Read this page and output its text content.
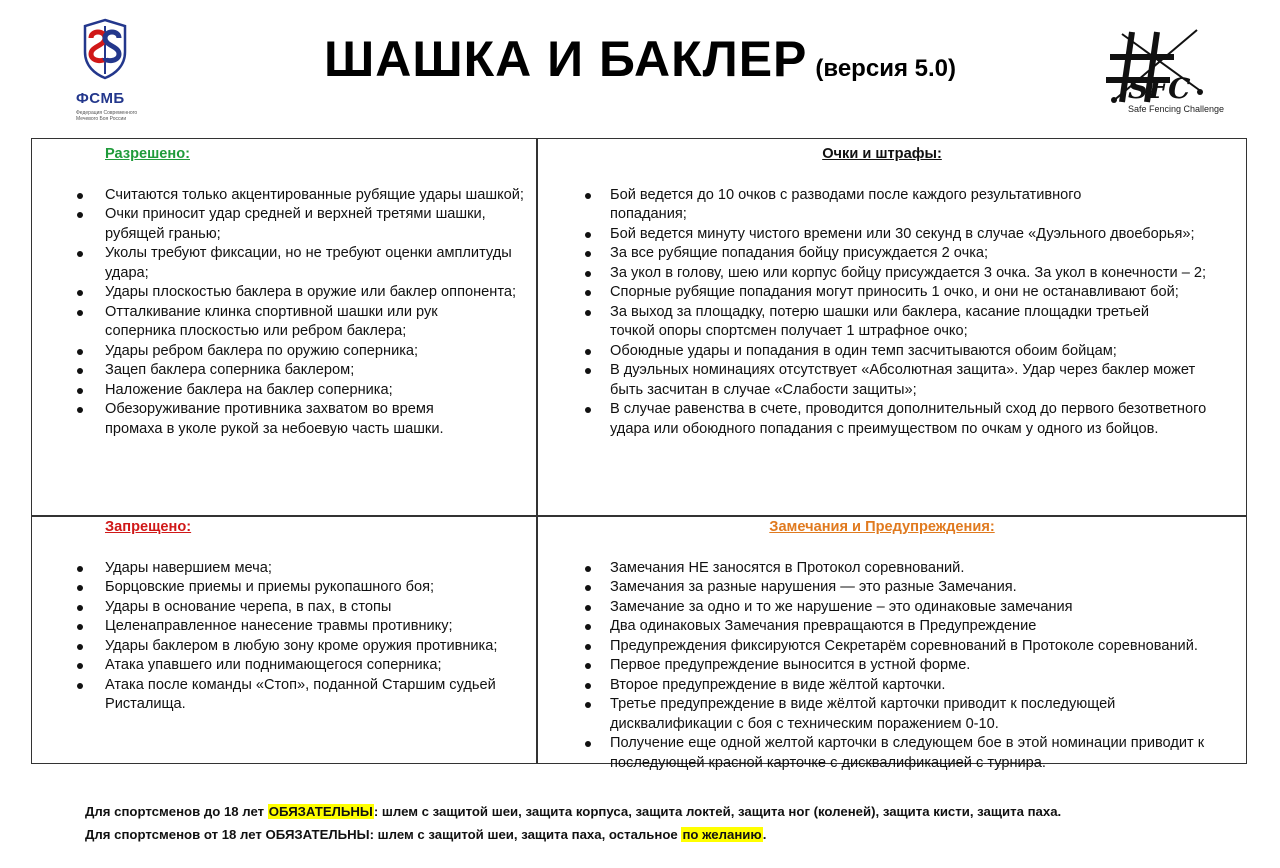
ФСМБ
Федерация Современного Мечевого Боя России
ШАШКА И БАКЛЕР (версия 5.0)
SFC
Safe Fencing Challenge
Разрешено:
Считаются только акцентированные рубящие удары шашкой;
Очки приносит удар средней и верхней третями шашки, рубящей гранью;
Уколы требуют фиксации, но не требуют оценки амплитуды удара;
Удары плоскостью баклера в оружие или баклер оппонента;
Отталкивание клинка спортивной шашки или рук соперника плоскостью или ребром баклера;
Удары ребром баклера по оружию соперника;
Зацеп баклера соперника баклером;
Наложение баклера на баклер соперника;
Обезоруживание противника захватом во время промаха в уколе рукой за небоевую часть шашки.
Очки и штрафы:
Бой ведется до 10 очков с разводами после каждого результативного попадания;
Бой ведется минуту чистого времени или 30 секунд в случае «Дуэльного двоеборья»;
За все рубящие попадания бойцу присуждается 2 очка;
За укол в голову, шею или корпус бойцу присуждается 3 очка. За укол в конечности – 2;
Спорные рубящие попадания могут приносить 1 очко, и они не останавливают бой;
За выход за площадку, потерю шашки или баклера, касание площадки третьей точкой опоры спортсмен получает 1 штрафное очко;
Обоюдные удары и попадания в один темп засчитываются обоим бойцам;
В дуэльных номинациях отсутствует «Абсолютная защита». Удар через баклер может быть засчитан в случае «Слабости защиты»;
В случае равенства в счете, проводится дополнительный сход до первого безответного удара или обоюдного попадания с преимуществом по очкам у одного из бойцов.
Запрещено:
Удары навершием меча;
Борцовские приемы и приемы рукопашного боя;
Удары в основание черепа, в пах, в стопы
Целенаправленное нанесение травмы противнику;
Удары баклером в любую зону кроме оружия противника;
Атака упавшего или поднимающегося соперника;
Атака после команды «Стоп», поданной Старшим судьей Ристалища.
Замечания и Предупреждения:
Замечания НЕ заносятся в Протокол соревнований.
Замечания за разные нарушения — это разные Замечания.
Замечание за одно и то же нарушение – это одинаковые замечания
Два одинаковых Замечания превращаются в Предупреждение
Предупреждения фиксируются Секретарём соревнований в Протоколе соревнований.
Первое предупреждение выносится в устной форме.
Второе предупреждение в виде жёлтой карточки.
Третье предупреждение в виде жёлтой карточки приводит к последующей дисквалификации с боя с техническим поражением 0-10.
Получение еще одной желтой карточки в следующем бое в этой номинации приводит к последующей красной карточке с дисквалификацией с турнира.
Для спортсменов до 18 лет ОБЯЗАТЕЛЬНЫ: шлем с защитой шеи, защита корпуса, защита локтей, защита ног (коленей), защита кисти, защита паха.
Для спортсменов от 18 лет ОБЯЗАТЕЛЬНЫ: шлем с защитой шеи, защита паха, остальное по желанию.
